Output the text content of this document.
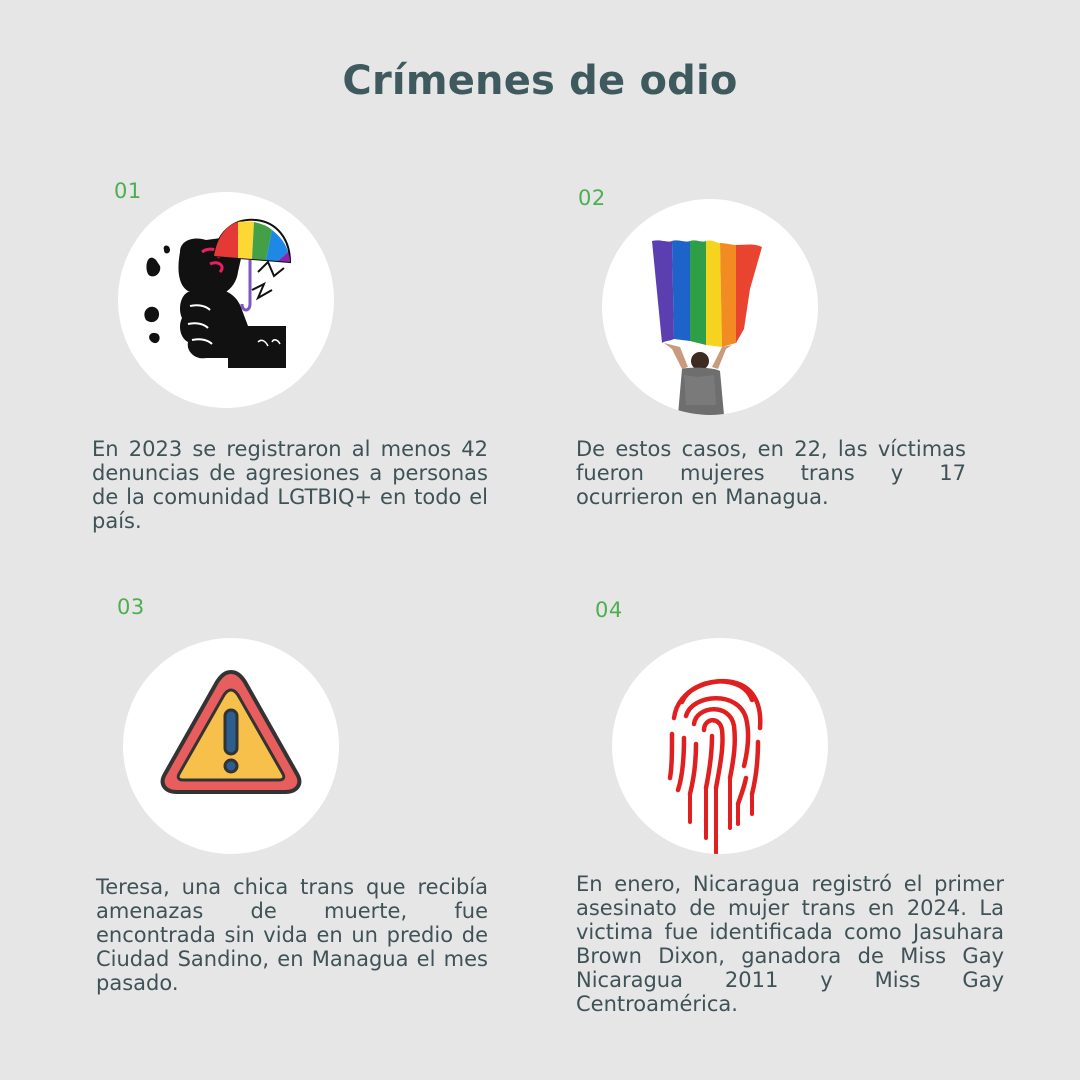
Crímenes de odio
01

En 2023 se registraron al menos 42 denuncias de agresiones a personas de la comunidad LGTBIQ+ en todo el país.

02

De estos casos, en 22, las víctimas fueron mujeres trans y 17 ocurrieron en Managua.

03

Teresa, una chica trans que recibía amenazas de muerte, fue encontrada sin vida en un predio de Ciudad Sandino, en Managua el mes pasado.

04

En enero, Nicaragua registró el primer asesinato de mujer trans en 2024. La victima fue identificada como Jasuhara Brown Dixon, ganadora de Miss Gay Nicaragua 2011 y Miss Gay Centroamérica.
